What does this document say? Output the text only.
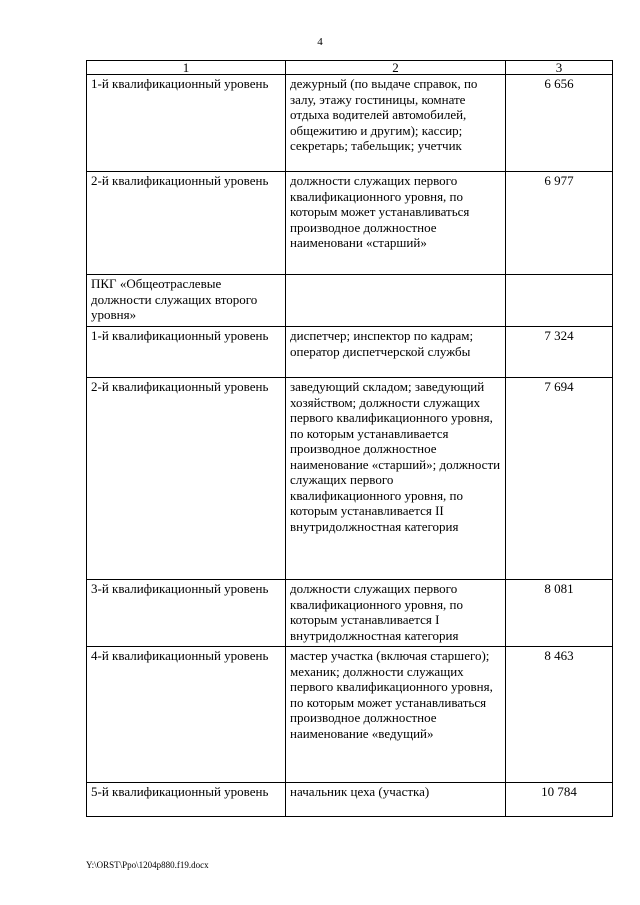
4
1	2	3
1-й квалификационный уровень	дежурный (по выдаче справок, по залу, этажу гостиницы, комнате отдыха водителей автомобилей, общежитию и другим); кассир; секретарь; табельщик; учетчик	6 656
2-й квалификационный уровень	должности служащих первого квалификационного уровня, по которым может устанавливаться производное должностное наименовани «старший»	6 977
ПКГ «Общеотраслевые должности служащих второго уровня»		
1-й квалификационный уровень	диспетчер; инспектор по кадрам; оператор диспетчерской службы	7 324
2-й квалификационный уровень	заведующий складом; заведующий хозяйством; должности служащих первого квалификационного уровня, по которым устанавливается производное должностное наименование «старший»; должности служащих первого квалификационного уровня, по которым устанавливается II внутридолжностная категория	7 694
3-й квалификационный уровень	должности служащих первого квалификационного уровня, по которым устанавливается I внутридолжностная категория	8 081
4-й квалификационный уровень	мастер участка (включая старшего); механик; должности служащих первого квалификационного уровня, по которым может устанавливаться производное должностное наименование «ведущий»	8 463
5-й квалификационный уровень	начальник цеха (участка)	10 784
Y:\ORST\Ppo\1204p880.f19.docx
